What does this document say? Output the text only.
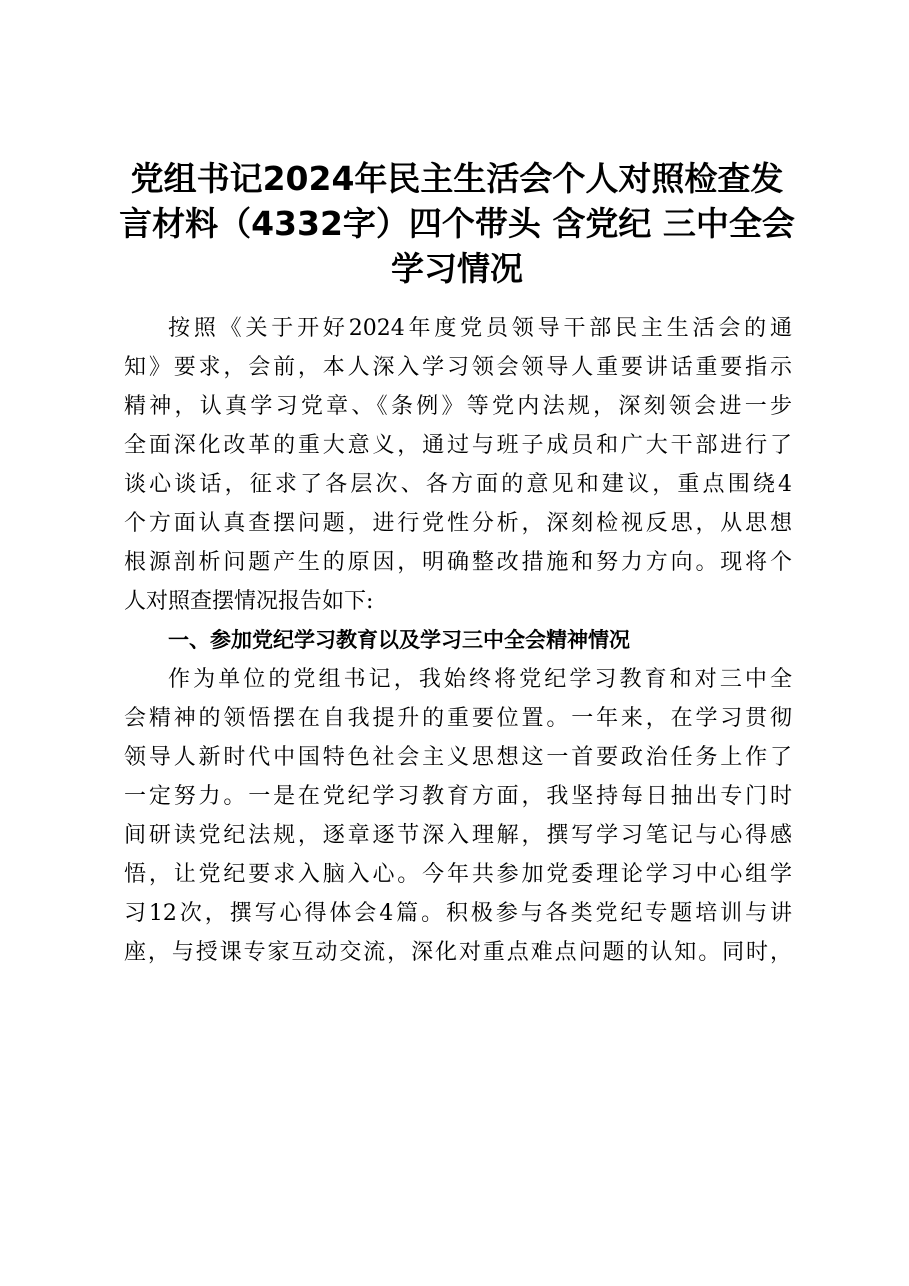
党组书记2024年民主生活会个人对照检查发
言材料（4332字）四个带头 含党纪 三中全会
学习情况
按照《关于开好2024年度党员领导干部民主生活会的通
知》要求，会前，本人深入学习领会领导人重要讲话重要指示
精神，认真学习党章、《条例》等党内法规，深刻领会进一步
全面深化改革的重大意义，通过与班子成员和广大干部进行了
谈心谈话，征求了各层次、各方面的意见和建议，重点围绕4
个方面认真查摆问题，进行党性分析，深刻检视反思，从思想
根源剖析问题产生的原因，明确整改措施和努力方向。现将个
人对照查摆情况报告如下:
一、参加党纪学习教育以及学习三中全会精神情况
作为单位的党组书记，我始终将党纪学习教育和对三中全
会精神的领悟摆在自我提升的重要位置。一年来，在学习贯彻
领导人新时代中国特色社会主义思想这一首要政治任务上作了
一定努力。一是在党纪学习教育方面，我坚持每日抽出专门时
间研读党纪法规，逐章逐节深入理解，撰写学习笔记与心得感
悟，让党纪要求入脑入心。今年共参加党委理论学习中心组学
习12次，撰写心得体会4篇。积极参与各类党纪专题培训与讲
座，与授课专家互动交流，深化对重点难点问题的认知。同时，
